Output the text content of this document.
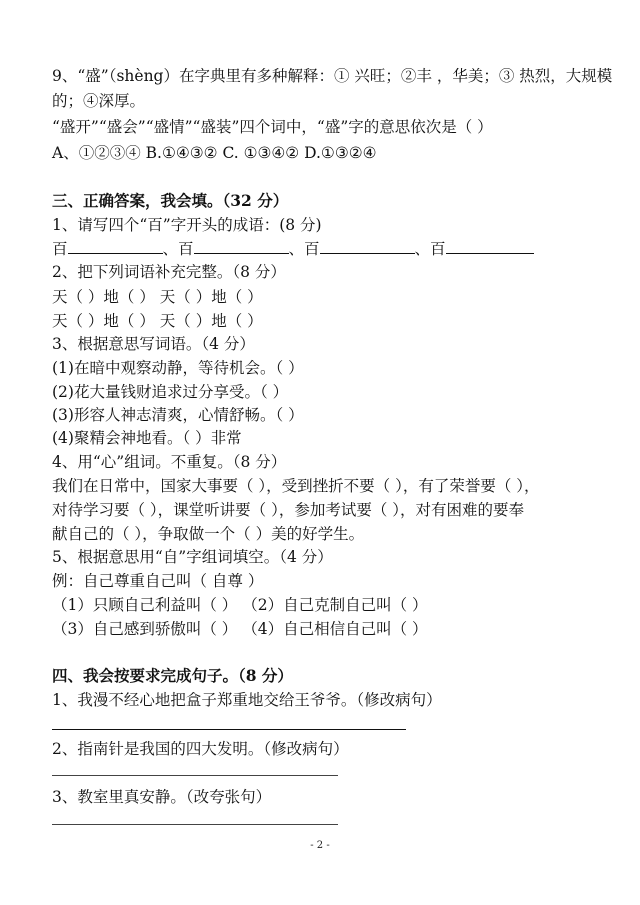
9、“盛”（shèng）在字典里有多种解释：① 兴旺；②丰 ，华美；③ 热烈，大规模
的；④深厚。
“盛开”“盛会”“盛情”“盛装”四个词中，“盛”字的意思依次是（ ）
A、①②③④ B.①④③② C. ①③④② D.①③②④
三、正确答案，我会填。（32 分）
1、请写四个“百”字开头的成语：(8 分)
百	、百	、百	、百
2、把下列词语补充完整。（8 分）
天（ ）地（ ） 天（ ）地（ ）
天（ ）地（ ） 天（ ）地（ ）
3、根据意思写词语。（4 分）
(1)在暗中观察动静，等待机会。（ ）
(2)花大量钱财追求过分享受。（ ）
(3)形容人神志清爽，心情舒畅。（ ）
(4)聚精会神地看。（ ）非常
4、用“心”组词。不重复。（8 分）
我们在日常中，国家大事要（ ），受到挫折不要（ ），有了荣誉要（ ），
对待学习要（ ），课堂听讲要（ ），参加考试要（ ），对有困难的要奉
献自己的（ ），争取做一个（ ）美的好学生。
5、根据意思用“自”字组词填空。（4 分）
例：自己尊重自己叫（ 自尊 ）
（1）只顾自己利益叫（ ） （2）自己克制自己叫（ ）
（3）自己感到骄傲叫（ ） （4）自己相信自己叫（ ）
四、我会按要求完成句子。（8 分）
1、我漫不经心地把盒子郑重地交给王爷爷。（修改病句）
2、指南针是我国的四大发明。（修改病句）
3、教室里真安静。（改夸张句）
- 2 -
